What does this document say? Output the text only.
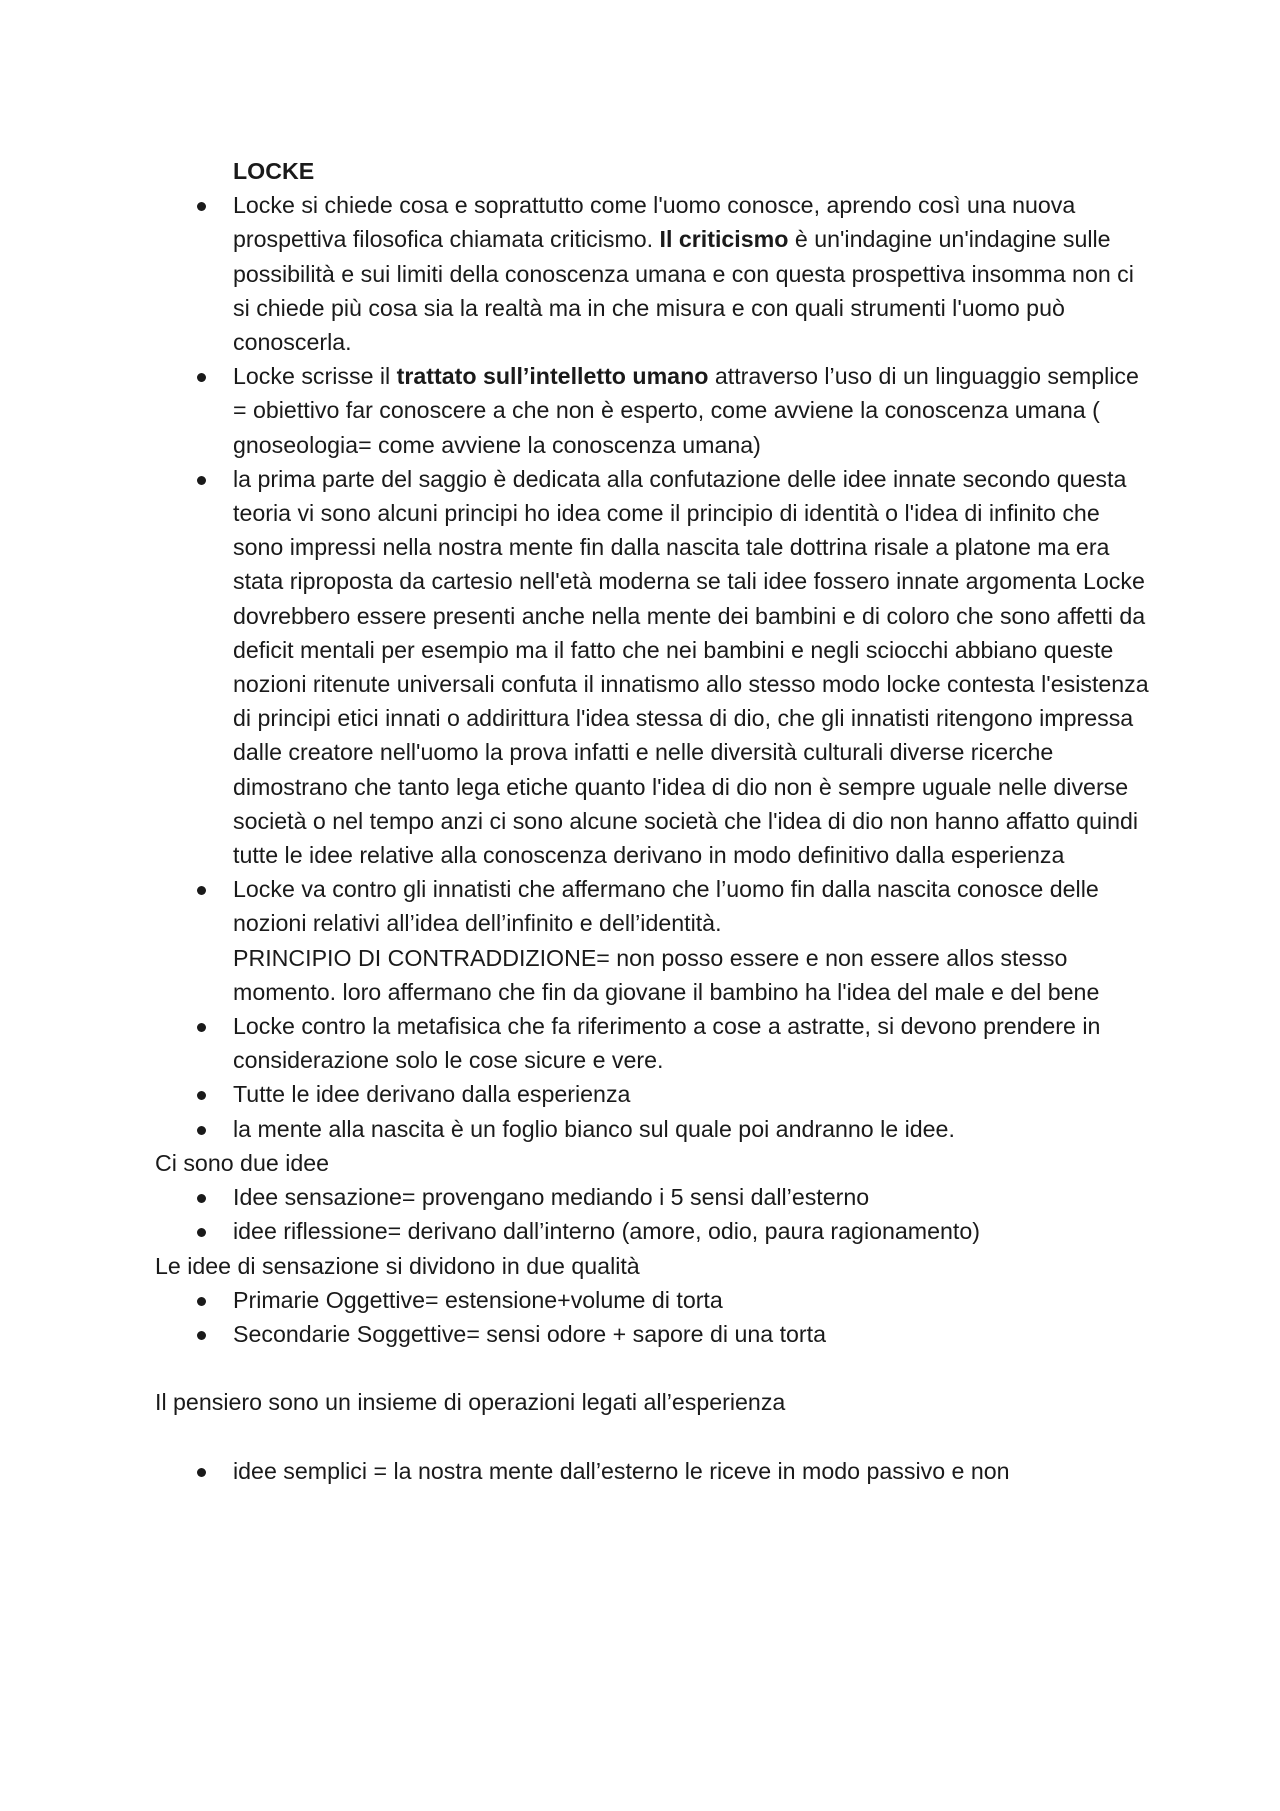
LOCKE
Locke si chiede cosa e soprattutto come l'uomo conosce, aprendo così una nuova prospettiva filosofica chiamata criticismo. Il criticismo è un'indagine un'indagine sulle possibilità e sui limiti della conoscenza umana e con questa prospettiva insomma non ci si chiede più cosa sia la realtà ma in che misura e con quali strumenti l'uomo può conoscerla.
Locke scrisse il trattato sull’intelletto umano attraverso l’uso di un linguaggio semplice = obiettivo far conoscere a che non è esperto, come avviene la conoscenza umana ( gnoseologia= come avviene la conoscenza umana)
la prima parte del saggio è dedicata alla confutazione delle idee innate secondo questa teoria vi sono alcuni principi ho idea come il principio di identità o l'idea di infinito che sono impressi nella nostra mente fin dalla nascita tale dottrina risale a platone ma era stata riproposta da cartesio nell'età moderna se tali idee fossero innate argomenta Locke dovrebbero essere presenti anche nella mente dei bambini e di coloro che sono affetti da deficit mentali per esempio ma il fatto che nei bambini e negli sciocchi abbiano queste nozioni ritenute universali confuta il innatismo allo stesso modo locke contesta l'esistenza di principi etici innati o addirittura l'idea stessa di dio, che gli innatisti ritengono impressa dalle creatore nell'uomo la prova infatti e nelle diversità culturali diverse ricerche dimostrano che tanto lega etiche quanto l'idea di dio non è sempre uguale nelle diverse società o nel tempo anzi ci sono alcune società che l'idea di dio non hanno affatto quindi tutte le idee relative alla conoscenza derivano in modo definitivo dalla esperienza
Locke va contro gli innatisti che affermano che l’uomo fin dalla nascita conosce delle nozioni relativi all’idea dell’infinito e dell’identità.
PRINCIPIO DI CONTRADDIZIONE= non posso essere e non essere allos stesso momento. loro affermano che fin da giovane il bambino ha l'idea del male e del bene
Locke contro la metafisica che fa riferimento a cose a astratte, si devono prendere in considerazione solo le cose sicure e vere.
Tutte le idee derivano dalla esperienza
la mente alla nascita è un foglio bianco sul quale poi andranno le idee.

Ci sono due idee

Idee sensazione= provengano mediando i 5 sensi dall’esterno
idee riflessione= derivano dall’interno (amore, odio, paura ragionamento)

Le idee di sensazione si dividono in due qualità

Primarie Oggettive= estensione+volume di torta
Secondarie Soggettive= sensi odore + sapore di una torta

Il pensiero sono un insieme di operazioni legati all’esperienza

idee semplici = la nostra mente dall’esterno le riceve in modo passivo e non
